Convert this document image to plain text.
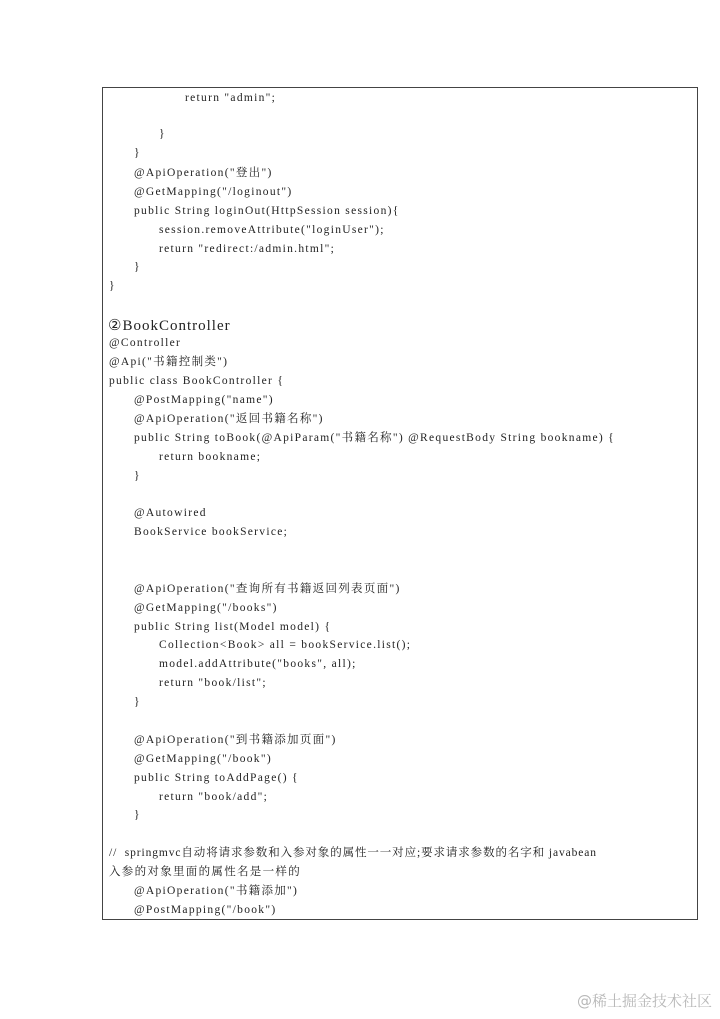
return "admin";
}
}
@ApiOperation("登出")
@GetMapping("/loginout")
public String loginOut(HttpSession session){
session.removeAttribute("loginUser");
return "redirect:/admin.html";
}
}
②BookController
@Controller
@Api("书籍控制类")
public class BookController {
@PostMapping("name")
@ApiOperation("返回书籍名称")
public String toBook(@ApiParam("书籍名称") @RequestBody String bookname) {
return bookname;
}
@Autowired
BookService bookService;
@ApiOperation("查询所有书籍返回列表页面")
@GetMapping("/books")
public String list(Model model) {
Collection<Book> all = bookService.list();
model.addAttribute("books", all);
return "book/list";
}
@ApiOperation("到书籍添加页面")
@GetMapping("/book")
public String toAddPage() {
return "book/add";
}
//  springmvc自动将请求参数和入参对象的属性一一对应;要求请求参数的名字和 javabean
入参的对象里面的属性名是一样的
@ApiOperation("书籍添加")
@PostMapping("/book")
@稀土掘金技术社区
